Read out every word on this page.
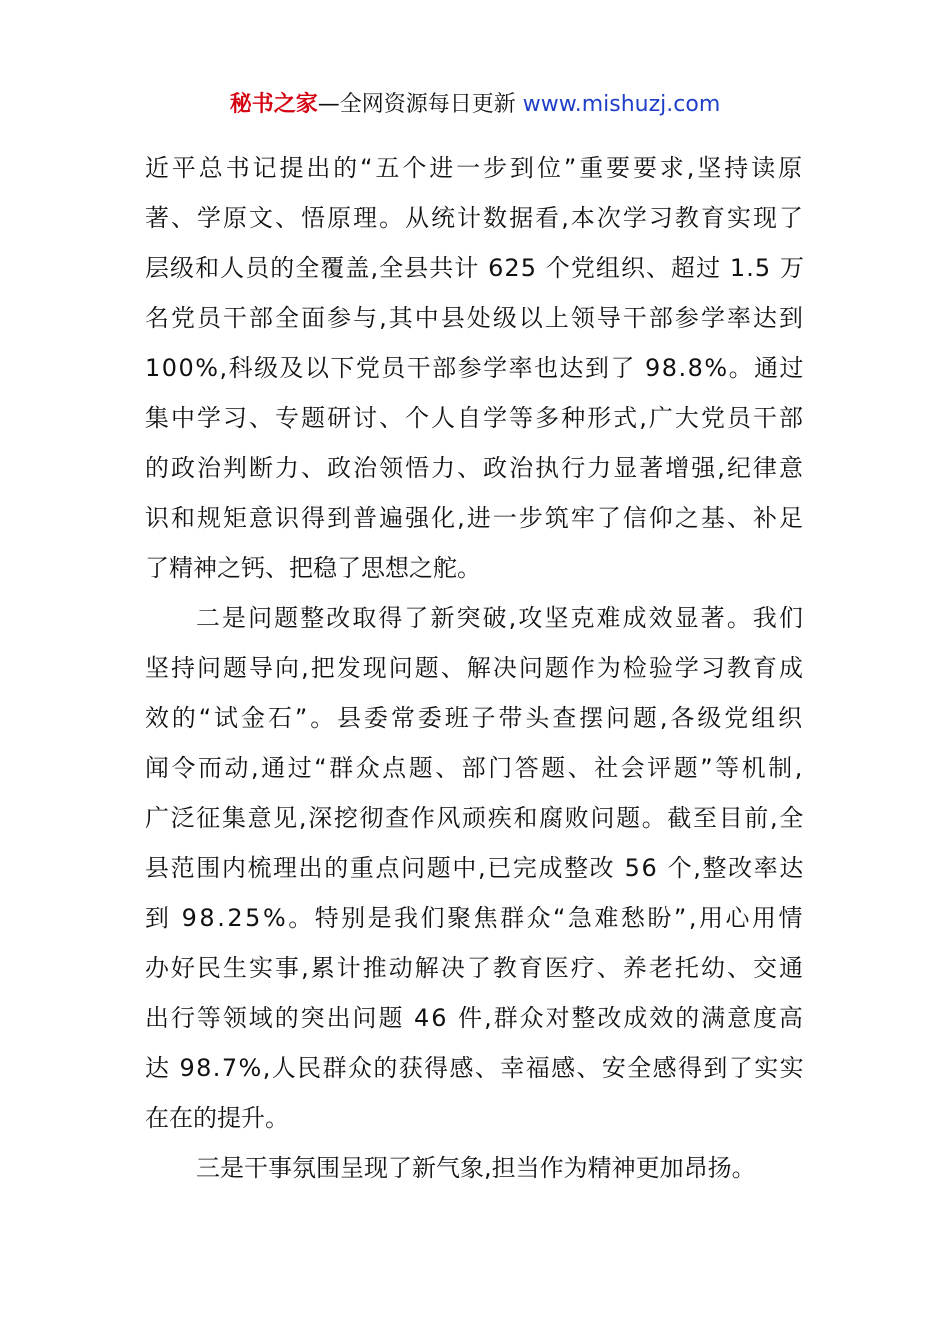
秘书之家—全网资源每日更新 www.mishuzj.com
近平总书记提出的“五个进一步到位”重要要求,坚持读原
著、学原文、悟原理。从统计数据看,本次学习教育实现了
层级和人员的全覆盖,全县共计 625 个党组织、超过 1.5 万
名党员干部全面参与,其中县处级以上领导干部参学率达到
100%,科级及以下党员干部参学率也达到了 98.8%。通过
集中学习、专题研讨、个人自学等多种形式,广大党员干部
的政治判断力、政治领悟力、政治执行力显著增强,纪律意
识和规矩意识得到普遍强化,进一步筑牢了信仰之基、补足
了精神之钙、把稳了思想之舵。
二是问题整改取得了新突破,攻坚克难成效显著。我们
坚持问题导向,把发现问题、解决问题作为检验学习教育成
效的“试金石”。县委常委班子带头查摆问题,各级党组织
闻令而动,通过“群众点题、部门答题、社会评题”等机制,
广泛征集意见,深挖彻查作风顽疾和腐败问题。截至目前,全
县范围内梳理出的重点问题中,已完成整改 56 个,整改率达
到 98.25%。特别是我们聚焦群众“急难愁盼”,用心用情
办好民生实事,累计推动解决了教育医疗、养老托幼、交通
出行等领域的突出问题 46 件,群众对整改成效的满意度高
达 98.7%,人民群众的获得感、幸福感、安全感得到了实实
在在的提升。
三是干事氛围呈现了新气象,担当作为精神更加昂扬。
